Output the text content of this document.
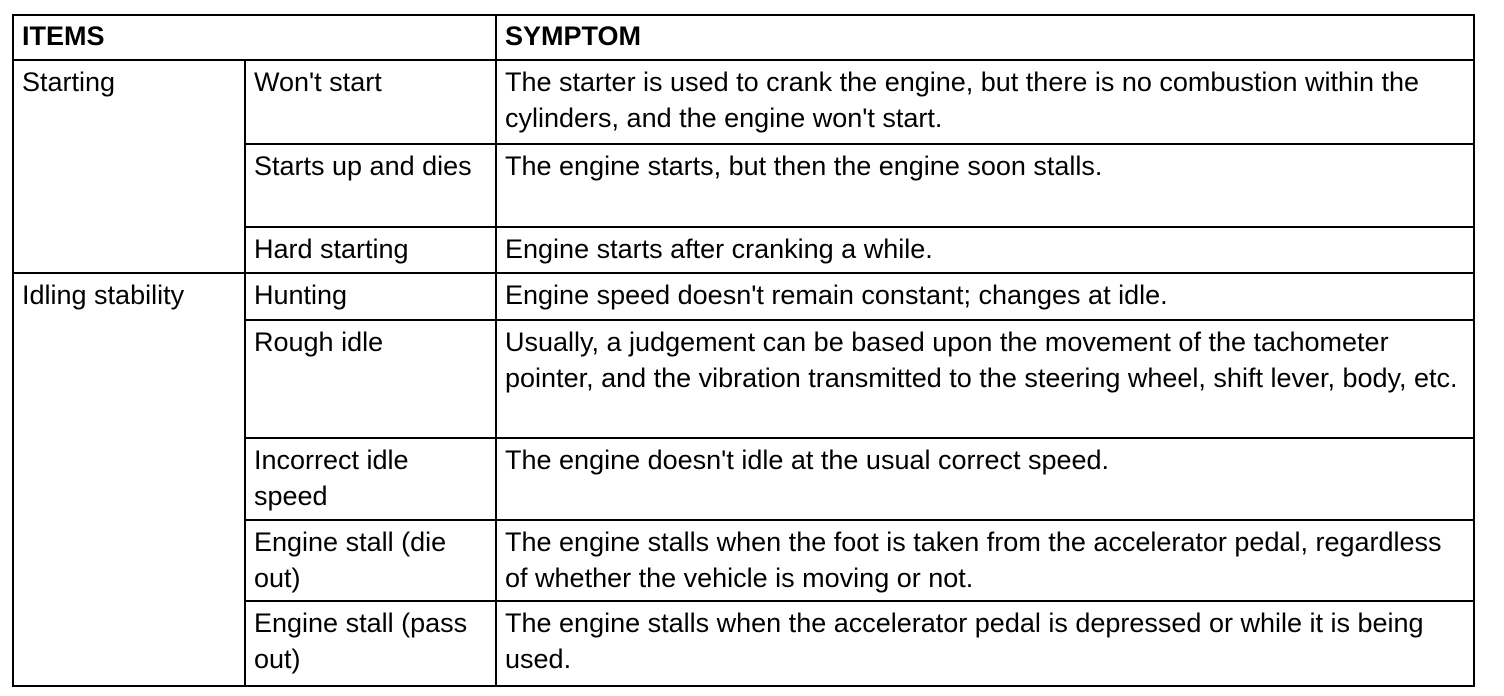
ITEMS		SYMPTOM
Starting	Won't start	The starter is used to crank the engine, but there is no combustion within the cylinders, and the engine won't start.
	Starts up and dies	The engine starts, but then the engine soon stalls.
	Hard starting	Engine starts after cranking a while.
Idling stability	Hunting	Engine speed doesn't remain constant; changes at idle.
	Rough idle	Usually, a judgement can be based upon the movement of the tachometer pointer, and the vibration transmitted to the steering wheel, shift lever, body, etc.
	Incorrect idle speed	The engine doesn't idle at the usual correct speed.
	Engine stall (die out)	The engine stalls when the foot is taken from the accelerator pedal, regardless of whether the vehicle is moving or not.
	Engine stall (pass out)	The engine stalls when the accelerator pedal is depressed or while it is being used.
